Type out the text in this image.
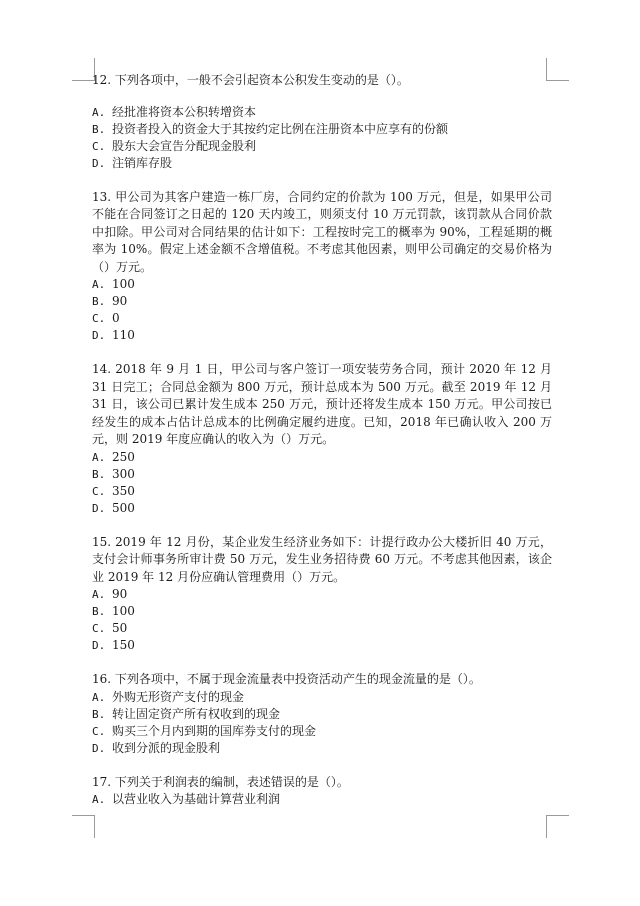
12. 下列各项中，一般不会引起资本公积发生变动的是（）。

A. 经批准将资本公积转增资本
B. 投资者投入的资金大于其按约定比例在注册资本中应享有的份额
C. 股东大会宣告分配现金股利
D. 注销库存股

13. 甲公司为其客户建造一栋厂房，合同约定的价款为 100 万元，但是，如果甲公司不能在合同签订之日起的 120 天内竣工，则须支付 10 万元罚款，该罚款从合同价款中扣除。甲公司对合同结果的估计如下：工程按时完工的概率为 90%，工程延期的概率为 10%。假定上述金额不含增值税。不考虑其他因素，则甲公司确定的交易价格为（）万元。

A. 100
B. 90
C. 0
D. 110

14. 2018 年 9 月 1 日，甲公司与客户签订一项安装劳务合同，预计 2020 年 12 月 31 日完工；合同总金额为 800 万元，预计总成本为 500 万元。截至 2019 年 12 月 31 日，该公司已累计发生成本 250 万元，预计还将发生成本 150 万元。甲公司按已经发生的成本占估计总成本的比例确定履约进度。已知，2018 年已确认收入 200 万元，则 2019 年度应确认的收入为（）万元。

A. 250
B. 300
C. 350
D. 500

15. 2019 年 12 月份，某企业发生经济业务如下：计提行政办公大楼折旧 40 万元，支付会计师事务所审计费 50 万元，发生业务招待费 60 万元。不考虑其他因素，该企业 2019 年 12 月份应确认管理费用（）万元。

A. 90
B. 100
C. 50
D. 150

16. 下列各项中，不属于现金流量表中投资活动产生的现金流量的是（）。

A. 外购无形资产支付的现金
B. 转让固定资产所有权收到的现金
C. 购买三个月内到期的国库券支付的现金
D. 收到分派的现金股利

17. 下列关于利润表的编制，表述错误的是（）。

A. 以营业收入为基础计算营业利润
